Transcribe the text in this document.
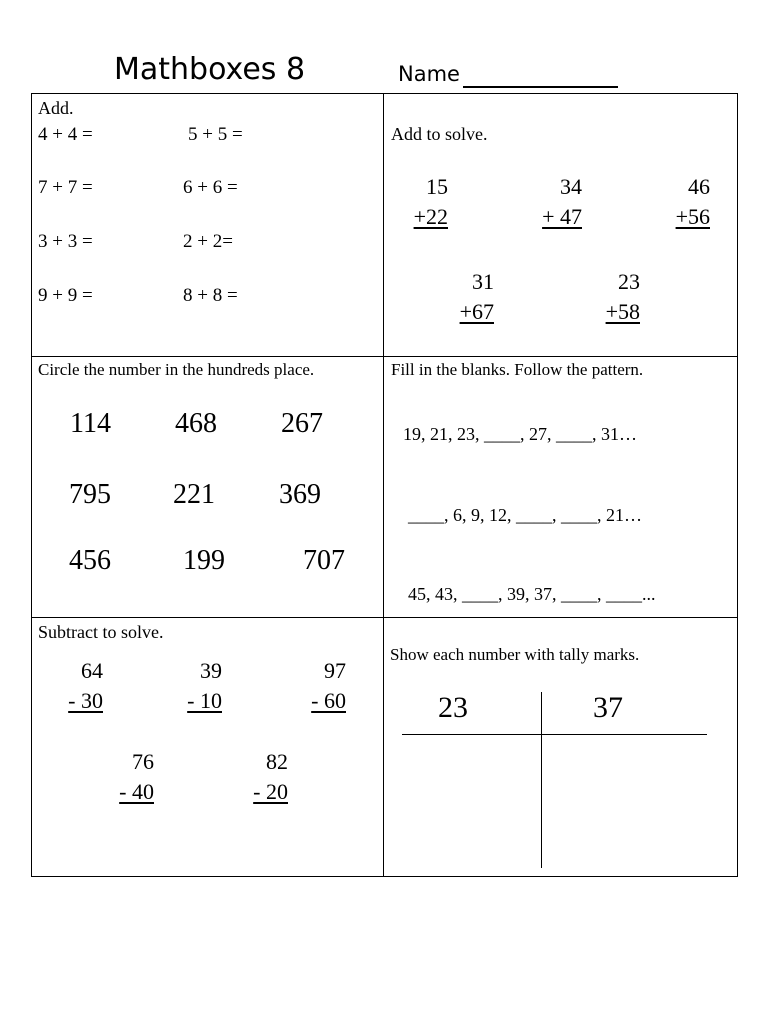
Mathboxes 8	Name
Add.
4 + 4 =	5 + 5 =
7 + 7 =	6 + 6 =
3 + 3 =	2 + 2=
9 + 9 =	8 + 8 =
Add to solve.
15
+22
34
+ 47
46
+56
31
+67
23
+58
Circle the number in the hundreds place.
114 468 267
795 221 369
456	199	707
Fill in the blanks. Follow the pattern.
19, 21, 23, ____, 27, ____, 31…
____, 6, 9, 12, ____, ____, 21…
45, 43, ____, 39, 37, ____, ____...
Subtract to solve.
64
- 30
39
- 10
97
- 60
76
- 40
82
- 20
Show each number with tally marks.
23	37
